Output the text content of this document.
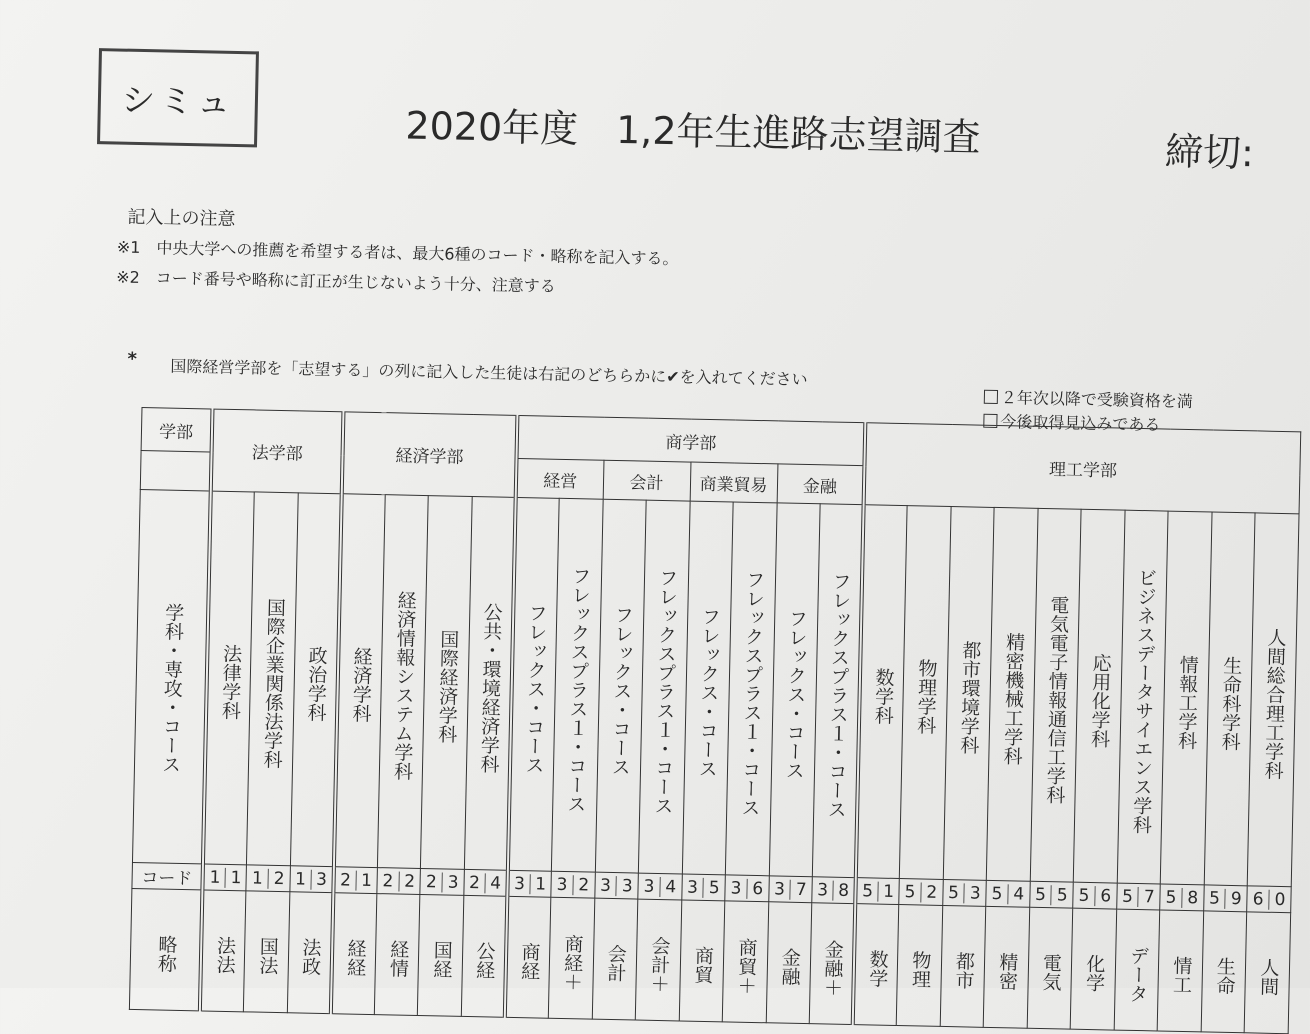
シミュ
2020年度　1,2年生進路志望調査	締切:
記入上の注意
※1　中央大学への推薦を希望する者は、最大6種のコード・略称を記入する。
※2　コード番号や略称に訂正が生じないよう十分、注意する
* 国際経営学部を「志望する」の列に記入した生徒は右記のどちらかに✔を入れてください
２年次以降で受験資格を満
今後取得見込みである
学部	法学部			経済学部				商学部								理工学部									
								経営		会計		商業貿易		金融											

学科・専攻・コース	法律学科	国際企業関係法学科	政治学科	経済学科	経済情報システム学科	国際経済学科	公共・環境経済学科	フレックス・コース	フレックスプラス１・コース	フレックス・コース	フレックスプラス１・コース	フレックス・コース	フレックスプラス１・コース	フレックス・コース	フレックスプラス１・コース	数学科	物理学科	都市環境学科	精密機械工学科	電気電子情報通信工学科	応用化学科	ビジネスデータサイエンス学科	情報工学科	生命科学科	人間総合理工学科

コード	1 1	1 2	1 3	2 1	2 2	2 3	2 4	3 1	3 2	3 3	3 4	3 5	3 6	3 7	3 8	5 1	5 2	5 3	5 4	5 5	5 6	5 7	5 8	5 9	6 0

略称	法法	国法	法政	経経	経情	国経	公経	商経	商経＋	会計	会計＋	商貿	商貿＋	金融	金融＋	数学	物理	都市	精密	電気	化学	データ	情工	生命	人間
